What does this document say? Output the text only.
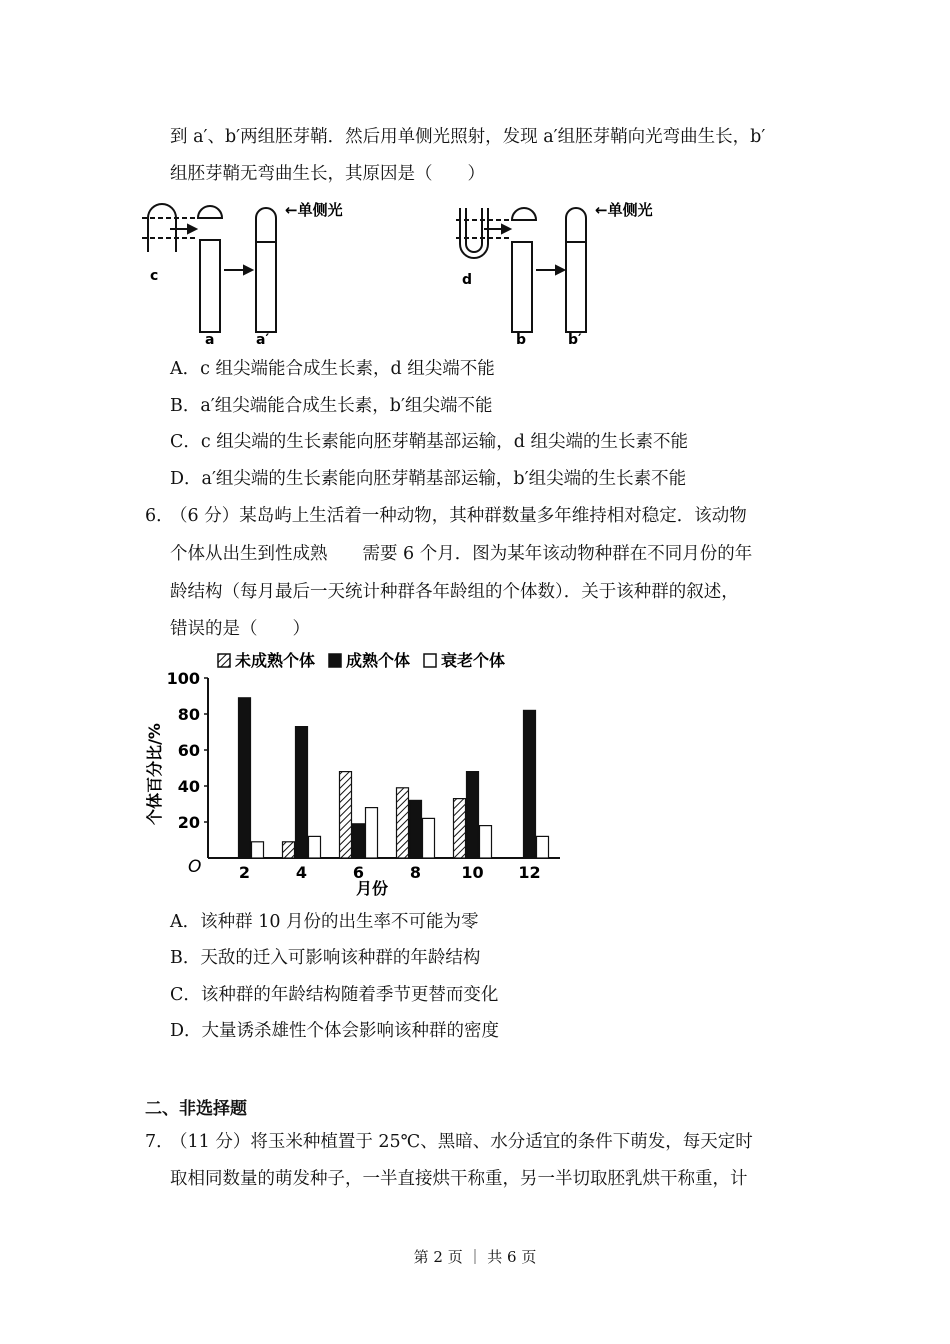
到 a′、b′两组胚芽鞘．然后用单侧光照射，发现 a′组胚芽鞘向光弯曲生长，b′
组胚芽鞘无弯曲生长，其原因是（　　）
←单侧光	←单侧光
c
a	a′
d
b	b′
A．c 组尖端能合成生长素，d 组尖端不能
B．a′组尖端能合成生长素，b′组尖端不能
C．c 组尖端的生长素能向胚芽鞘基部运输，d 组尖端的生长素不能
D．a′组尖端的生长素能向胚芽鞘基部运输，b′组尖端的生长素不能
6．
（6 分）某岛屿上生活着一种动物，其种群数量多年维持相对稳定．该动物
个体从出生到性成熟　　需要 6 个月．图为某年该动物种群在不同月份的年
龄结构（每月最后一天统计种群各年龄组的个体数）．关于该种群的叙述，
错误的是（　　）
未成熟个体 成熟个体 衰老个体
20
40
60
80
100
O
个体百分比/%
月份
2	4	6	8	10 12
A．该种群 10 月份的出生率不可能为零
B．天敌的迁入可影响该种群的年龄结构
C．该种群的年龄结构随着季节更替而变化
D．大量诱杀雄性个体会影响该种群的密度
二、非选择题
7．
（11 分）将玉米种植置于 25℃、黑暗、水分适宜的条件下萌发，每天定时
取相同数量的萌发种子，一半直接烘干称重，另一半切取胚乳烘干称重，计
第 2 页 ｜ 共 6 页
